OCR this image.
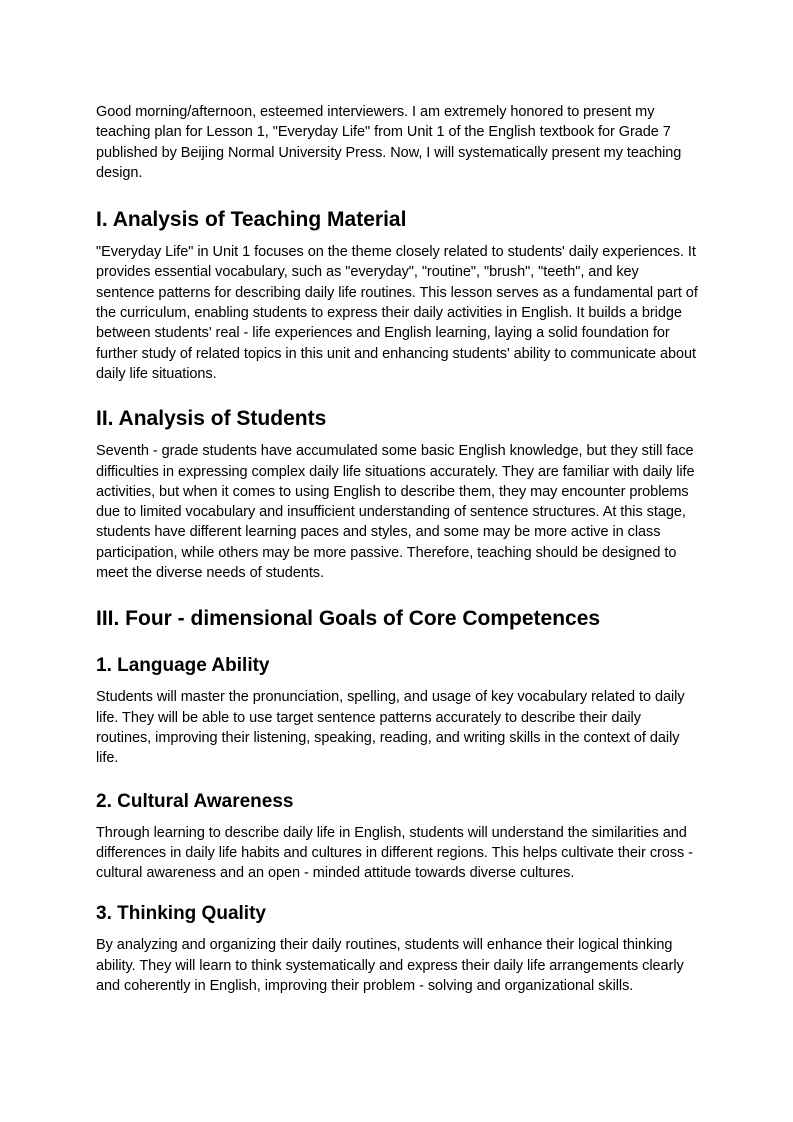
Good morning/afternoon, esteemed interviewers. I am extremely honored to present my teaching plan for Lesson 1, "Everyday Life" from Unit 1 of the English textbook for Grade 7 published by Beijing Normal University Press. Now, I will systematically present my teaching design.

I. Analysis of Teaching Material

"Everyday Life" in Unit 1 focuses on the theme closely related to students' daily experiences. It provides essential vocabulary, such as "everyday", "routine", "brush", "teeth", and key sentence patterns for describing daily life routines. This lesson serves as a fundamental part of the curriculum, enabling students to express their daily activities in English. It builds a bridge between students' real - life experiences and English learning, laying a solid foundation for further study of related topics in this unit and enhancing students' ability to communicate about daily life situations.

II. Analysis of Students

Seventh - grade students have accumulated some basic English knowledge, but they still face difficulties in expressing complex daily life situations accurately. They are familiar with daily life activities, but when it comes to using English to describe them, they may encounter problems due to limited vocabulary and insufficient understanding of sentence structures. At this stage, students have different learning paces and styles, and some may be more active in class participation, while others may be more passive. Therefore, teaching should be designed to meet the diverse needs of students.

III. Four - dimensional Goals of Core Competences
1. Language Ability

Students will master the pronunciation, spelling, and usage of key vocabulary related to daily life. They will be able to use target sentence patterns accurately to describe their daily routines, improving their listening, speaking, reading, and writing skills in the context of daily life.

2. Cultural Awareness

Through learning to describe daily life in English, students will understand the similarities and differences in daily life habits and cultures in different regions. This helps cultivate their cross - cultural awareness and an open - minded attitude towards diverse cultures.

3. Thinking Quality

By analyzing and organizing their daily routines, students will enhance their logical thinking ability. They will learn to think systematically and express their daily life arrangements clearly and coherently in English, improving their problem - solving and organizational skills.
